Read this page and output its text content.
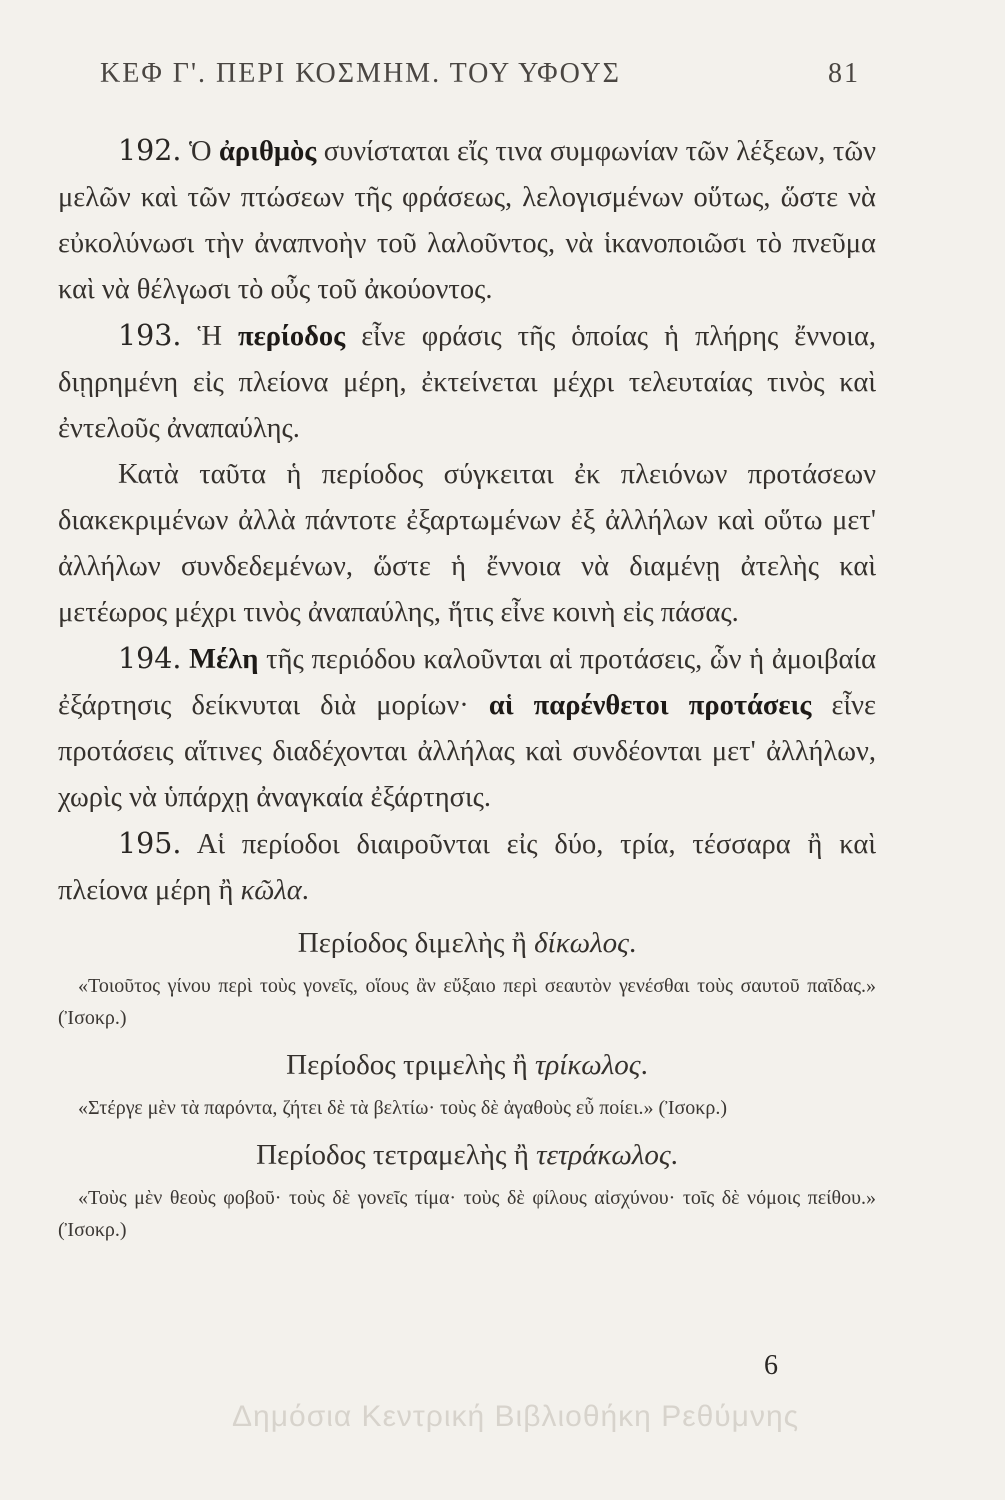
ΚΕΦ Γ'. ΠΕΡΙ ΚΟΣΜΗΜ. ΤΟΥ ΥΦΟΥΣ	81

192. Ὁ ἀριθμὸς συνίσταται εἴς τινα συμφωνίαν τῶν λέξεων, τῶν μελῶν καὶ τῶν πτώσεων τῆς φράσεως, λελογισμένων οὕτως, ὥστε νὰ εὐκολύνωσι τὴν ἀναπνοὴν τοῦ λαλοῦντος, νὰ ἱκανοποιῶσι τὸ πνεῦμα καὶ νὰ θέλγωσι τὸ οὖς τοῦ ἀκούοντος.

193. Ἡ περίοδος εἶνε φράσις τῆς ὁποίας ἡ πλήρης ἔννοια, διῃρημένη εἰς πλείονα μέρη, ἐκτείνεται μέχρι τελευταίας τινὸς καὶ ἐντελοῦς ἀναπαύλης.

Κατὰ ταῦτα ἡ περίοδος σύγκειται ἐκ πλειόνων προτάσεων διακεκριμένων ἀλλὰ πάντοτε ἐξαρτωμένων ἐξ ἀλλήλων καὶ οὕτω μετ' ἀλλήλων συνδεδεμένων, ὥστε ἡ ἔννοια νὰ διαμένῃ ἀτελὴς καὶ μετέωρος μέχρι τινὸς ἀναπαύλης, ἥτις εἶνε κοινὴ εἰς πάσας.

194. Μέλη τῆς περιόδου καλοῦνται αἱ προτάσεις, ὧν ἡ ἀμοιβαία ἐξάρτησις δείκνυται διὰ μορίων· αἱ παρένθετοι προτάσεις εἶνε προτάσεις αἵτινες διαδέχονται ἀλλήλας καὶ συνδέονται μετ' ἀλλήλων, χωρὶς νὰ ὑπάρχῃ ἀναγκαία ἐξάρτησις.

195. Αἱ περίοδοι διαιροῦνται εἰς δύο, τρία, τέσσαρα ἢ καὶ πλείονα μέρη ἢ κῶλα.

Περίοδος διμελὴς ἢ δίκωλος.

«Τοιοῦτος γίνου περὶ τοὺς γονεῖς, οἵους ἂν εὔξαιο περὶ σεαυτὸν γενέσθαι τοὺς σαυτοῦ παῖδας.» (Ἰσοκρ.)

Περίοδος τριμελὴς ἢ τρίκωλος.

«Στέργε μὲν τὰ παρόντα, ζήτει δὲ τὰ βελτίω· τοὺς δὲ ἀγαθοὺς εὖ ποίει.» (Ἰσοκρ.)

Περίοδος τετραμελὴς ἢ τετράκωλος.

«Τοὺς μὲν θεοὺς φοβοῦ· τοὺς δὲ γονεῖς τίμα· τοὺς δὲ φίλους αἰσχύνου· τοῖς δὲ νόμοις πείθου.» (Ἰσοκρ.)

6
Δημόσια Κεντρική Βιβλιοθήκη Ρεθύμνης
